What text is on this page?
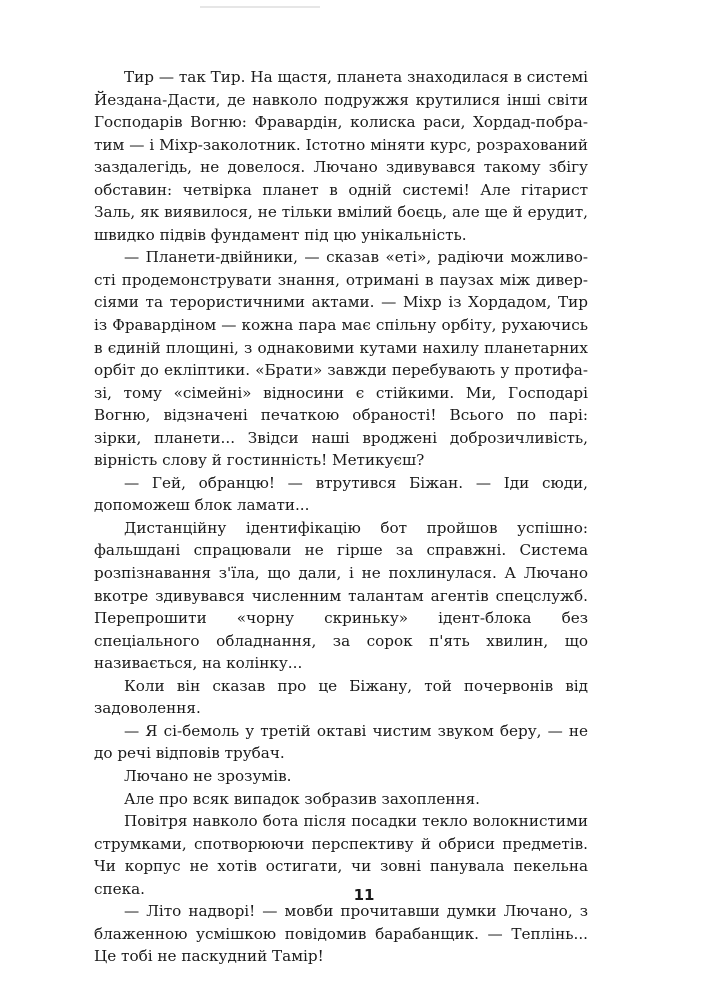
Тир — так Тир. На щастя, планета знаходилася в системі Йездана-Дасти, де навколо подружжя крутилися інші світи Господарів Вогню: Фравардін, колиска раси, Хордад-побратим — і Міхр-заколотник. Істотно міняти курс, розрахований заздалегідь, не довелося. Лючано здивувався такому збігу обставин: четвірка планет в одній системі! Але гітарист Заль, як виявилося, не тільки вмілий боєць, але ще й ерудит, швидко підвів фундамент під цю унікальність.

— Планети-двійники, — сказав «еті», радіючи можливості продемонструвати знання, отримані в паузах між диверсіями та терористичними актами. — Міхр із Хордадом, Тир із Фравардіном — кожна пара має спільну орбіту, рухаючись в єдиній площині, з однаковими кутами нахилу планетарних орбіт до екліптики. «Брати» завжди перебувають у протифазі, тому «сімейні» відносини є стійкими. Ми, Господарі Вогню, відзначені печаткою обраності! Всього по парі: зірки, планети... Звідси наші вроджені доброзичливість, вірність слову й гостинність! Метикуєш?

— Гей, обранцю! — втрутився Біжан. — Іди сюди, допоможеш блок ламати...

Дистанційну ідентифікацію бот пройшов успішно: фальшдані спрацювали не гірше за справжні. Система розпізнавання з'їла, що дали, і не похлинулася. А Лючано вкотре здивувався численним талантам агентів спецслужб. Перепрошити «чорну скриньку» ідент-блока без спеціального обладнання, за сорок п'ять хвилин, що називається, на колінку...

Коли він сказав про це Біжану, той почервонів від задоволення.

— Я сі-бемоль у третій октаві чистим звуком беру, — не до речі відповів трубач.

Лючано не зрозумів.

Але про всяк випадок зобразив захоплення.

Повітря навколо бота після посадки текло волокнистими струмками, спотворюючи перспективу й обриси предметів. Чи корпус не хотів остигати, чи зовні панувала пекельна спека.

— Літо надворі! — мовби прочитавши думки Лючано, з блаженною усмішкою повідомив барабанщик. — Теплінь... Це тобі не паскудний Тамір!

11
